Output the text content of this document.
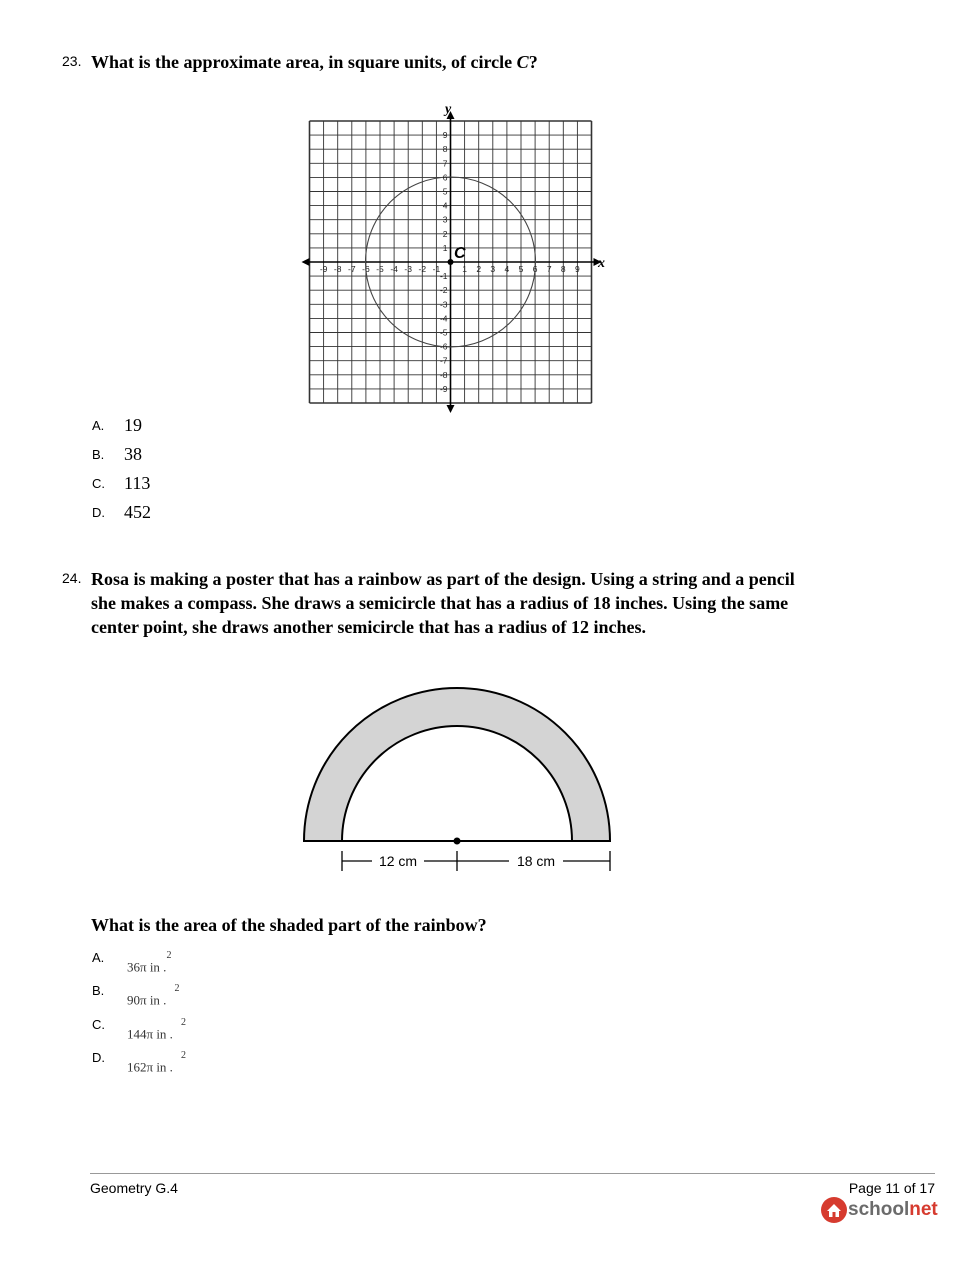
23. What is the approximate area, in square units, of circle C?
C
y
x
-9 -8 -7 -6 -5 -4 -3 -2 -1	1 2 3 4 5 6 7 8 9
9
8
7
6
5
4
3
2
1
-1
-2
-3
-4
-5
-6
-7
-8
-9
A. 19
B. 38
C. 113
D. 452
24. Rosa is making a poster that has a rainbow as part of the design. Using a string and a pencil
she makes a compass. She draws a semicircle that has a radius of 18 inches. Using the same
center point, she draws another semicircle that has a radius of 12 inches.
12 cm	18 cm
What is the area of the shaded part of the rainbow?
A.
36π in .$^2$
B.
90π in .$^2$
C.
144π in .$^2$
D.
162π in .$^2$
Geometry G.4	Page 11 of 17
schoolnet
